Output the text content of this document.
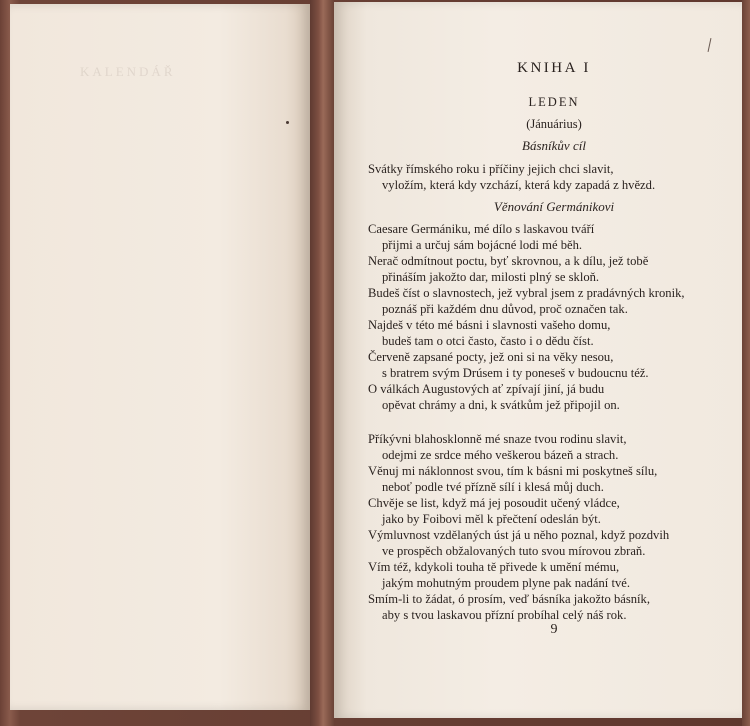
KALENDÁŘ	KNIHA I
LEDEN
(Jánuárius)
Básníkův cíl
Svátky římského roku i příčiny jejich chci slavit,
vyložím, která kdy vzchází, která kdy zapadá z hvězd.
Věnování Germánikovi
Caesare Germániku, mé dílo s laskavou tváří
přijmi a určuj sám bojácné lodi mé běh.
Nerač odmítnout poctu, byť skrovnou, a k dílu, jež tobě
přináším jakožto dar, milosti plný se skloň.
Budeš číst o slavnostech, jež vybral jsem z pradávných kronik,
poznáš při každém dnu důvod, proč označen tak.
Najdeš v této mé básni i slavnosti vašeho domu,
budeš tam o otci často, často i o dědu číst.
Červeně zapsané pocty, jež oni si na věky nesou,
s bratrem svým Drúsem i ty poneseš v budoucnu též.
O válkách Augustových ať zpívají jiní, já budu
opěvat chrámy a dni, k svátkům jež připojil on.
Příkývni blahosklonně mé snaze tvou rodinu slavit,
odejmi ze srdce mého veškerou bázeň a strach.
Věnuj mi náklonnost svou, tím k básni mi poskytneš sílu,
neboť podle tvé přízně sílí i klesá můj duch.
Chvěje se list, když má jej posoudit učený vládce,
jako by Foibovi měl k přečtení odeslán být.
Výmluvnost vzdělaných úst já u něho poznal, když pozdvih
ve prospěch obžalovaných tuto svou mírovou zbraň.
Vím též, kdykoli touha tě přivede k umění mému,
jakým mohutným proudem plyne pak nadání tvé.
Smím-li to žádat, ó prosím, veď básníka jakožto básník,
aby s tvou laskavou přízní probíhal celý náš rok.
9
